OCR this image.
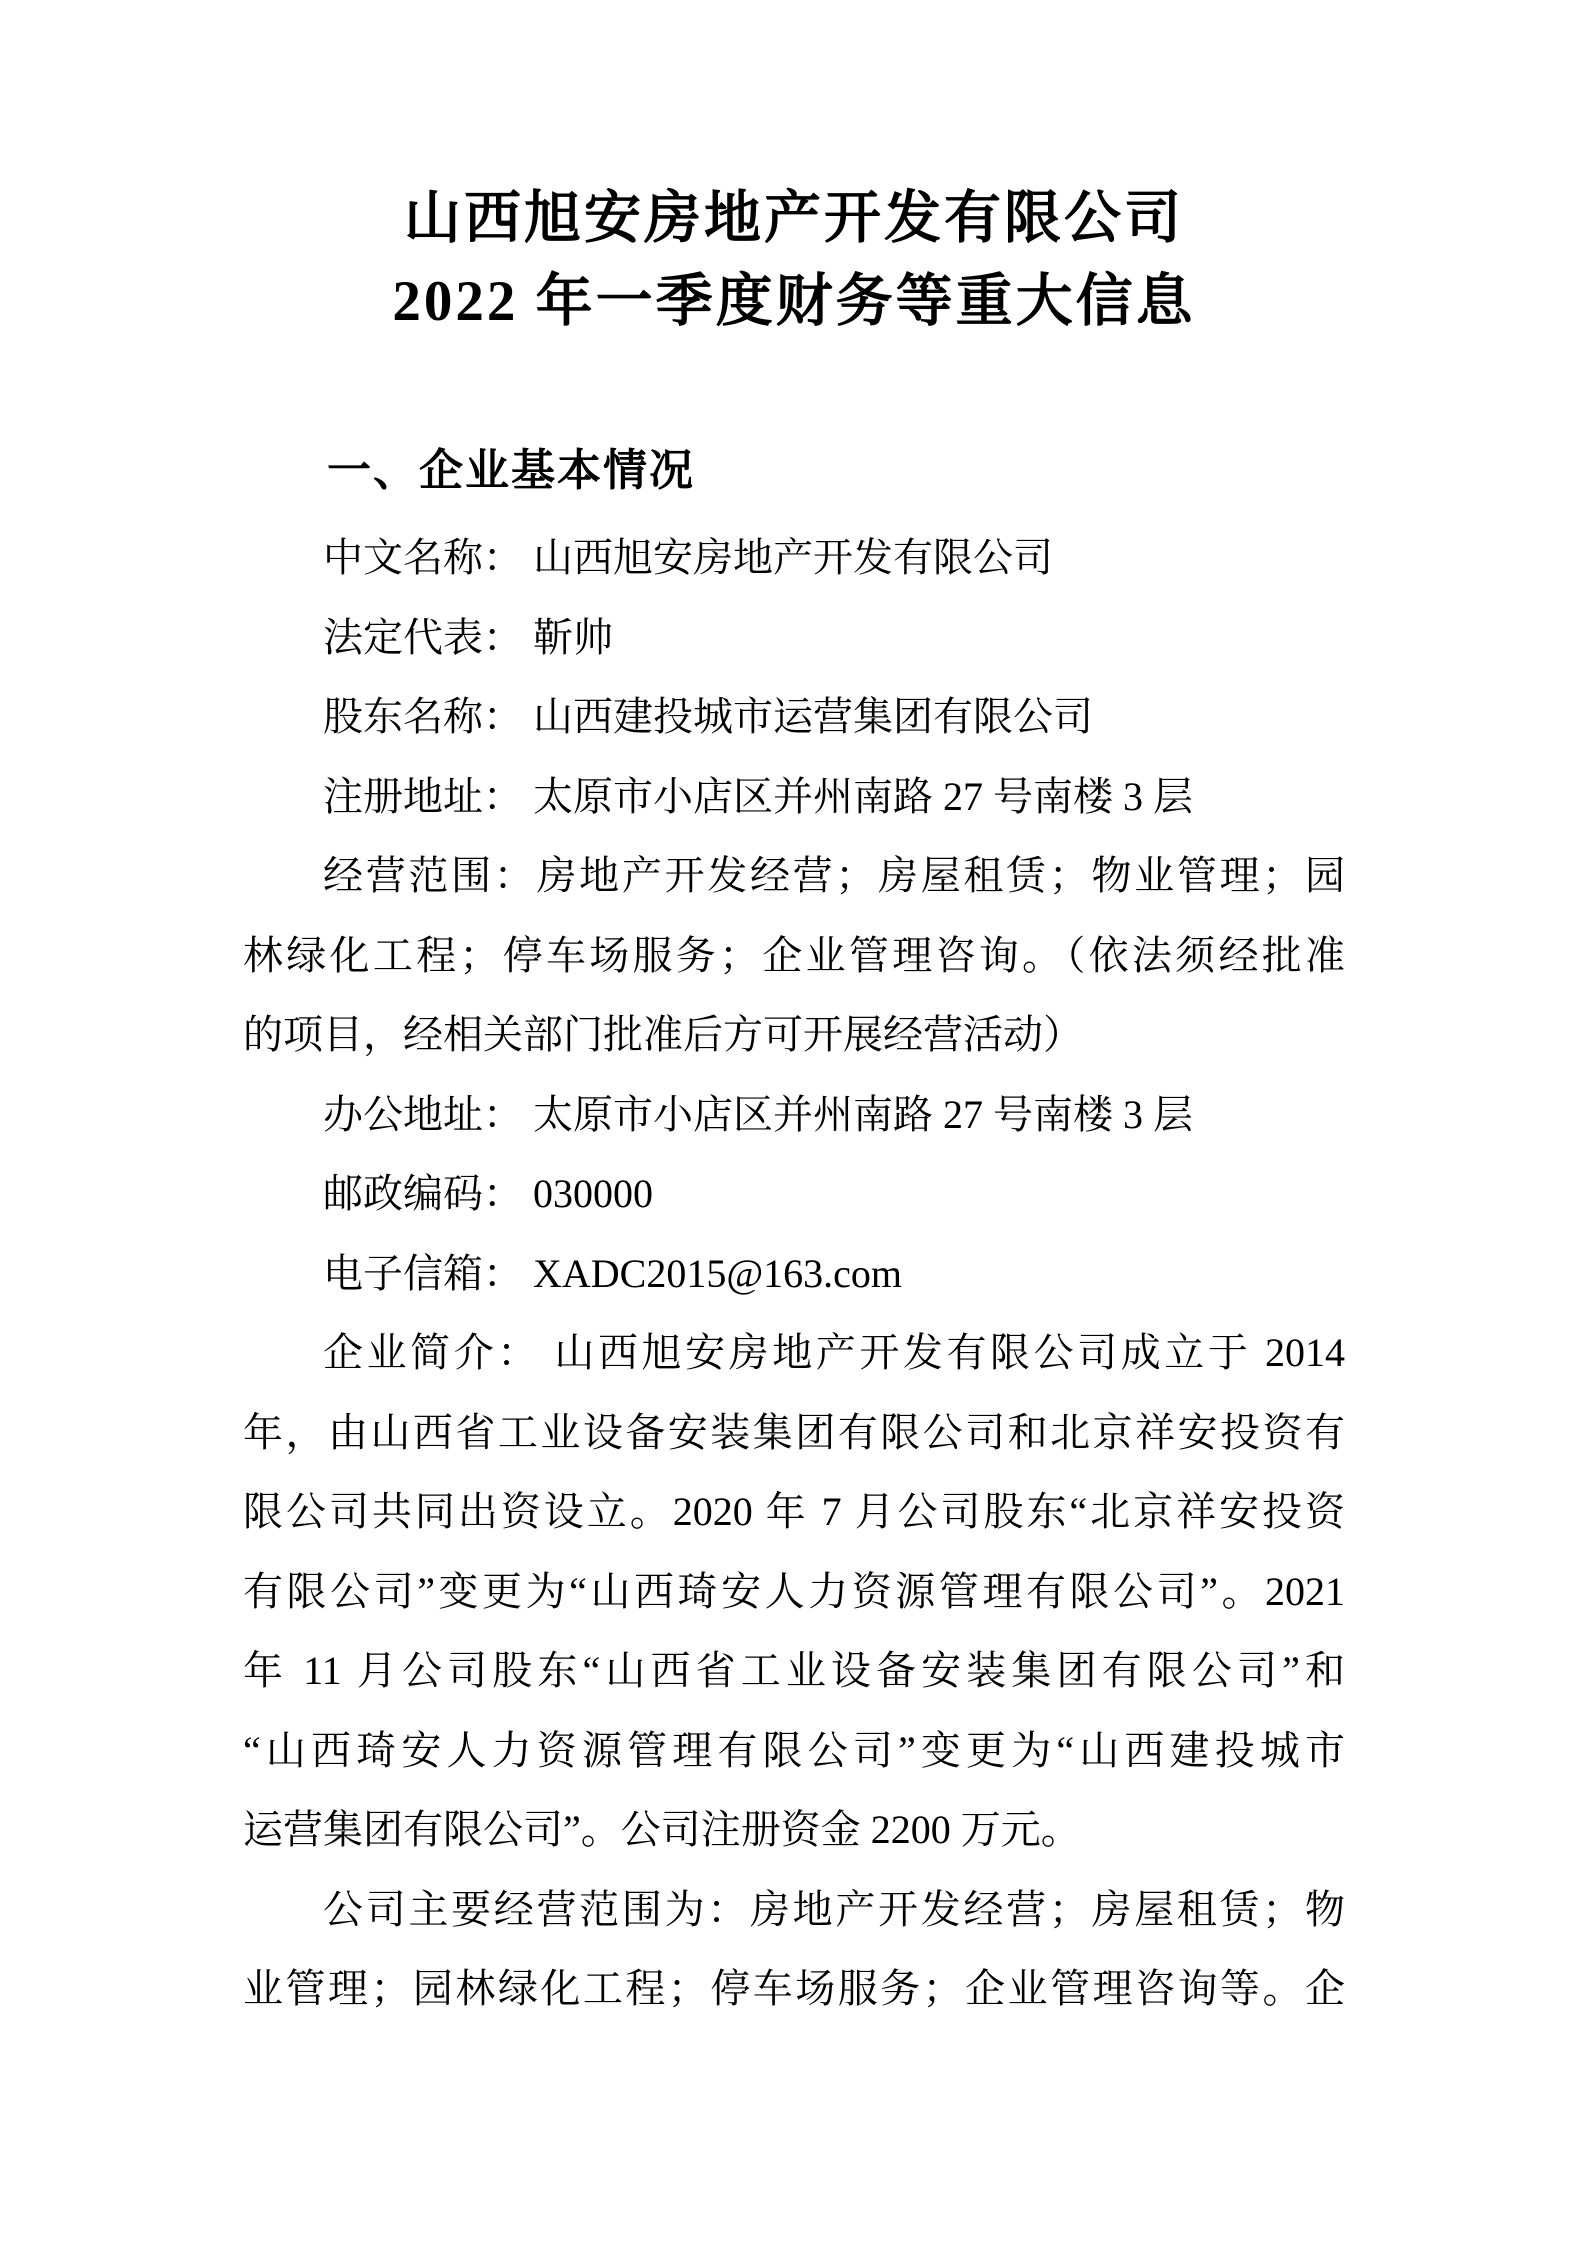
山西旭安房地产开发有限公司
2022 年一季度财务等重大信息
一、企业基本情况
中文名称： 山西旭安房地产开发有限公司
法定代表： 靳帅
股东名称： 山西建投城市运营集团有限公司
注册地址： 太原市小店区并州南路 27 号南楼 3 层
经营范围：房地产开发经营；房屋租赁；物业管理；园
林绿化工程；停车场服务；企业管理咨询。（依法须经批准
的项目，经相关部门批准后方可开展经营活动）
办公地址： 太原市小店区并州南路 27 号南楼 3 层
邮政编码： 030000
电子信箱： XADC2015@163.com
企业简介： 山西旭安房地产开发有限公司成立于 2014
年，由山西省工业设备安装集团有限公司和北京祥安投资有
限公司共同出资设立。2020 年 7 月公司股东“北京祥安投资
有限公司”变更为“山西琦安人力资源管理有限公司”。2021
年 11 月公司股东“山西省工业设备安装集团有限公司”和
“山西琦安人力资源管理有限公司”变更为“山西建投城市
运营集团有限公司”。公司注册资金 2200 万元。
公司主要经营范围为：房地产开发经营；房屋租赁；物
业管理；园林绿化工程；停车场服务；企业管理咨询等。企
